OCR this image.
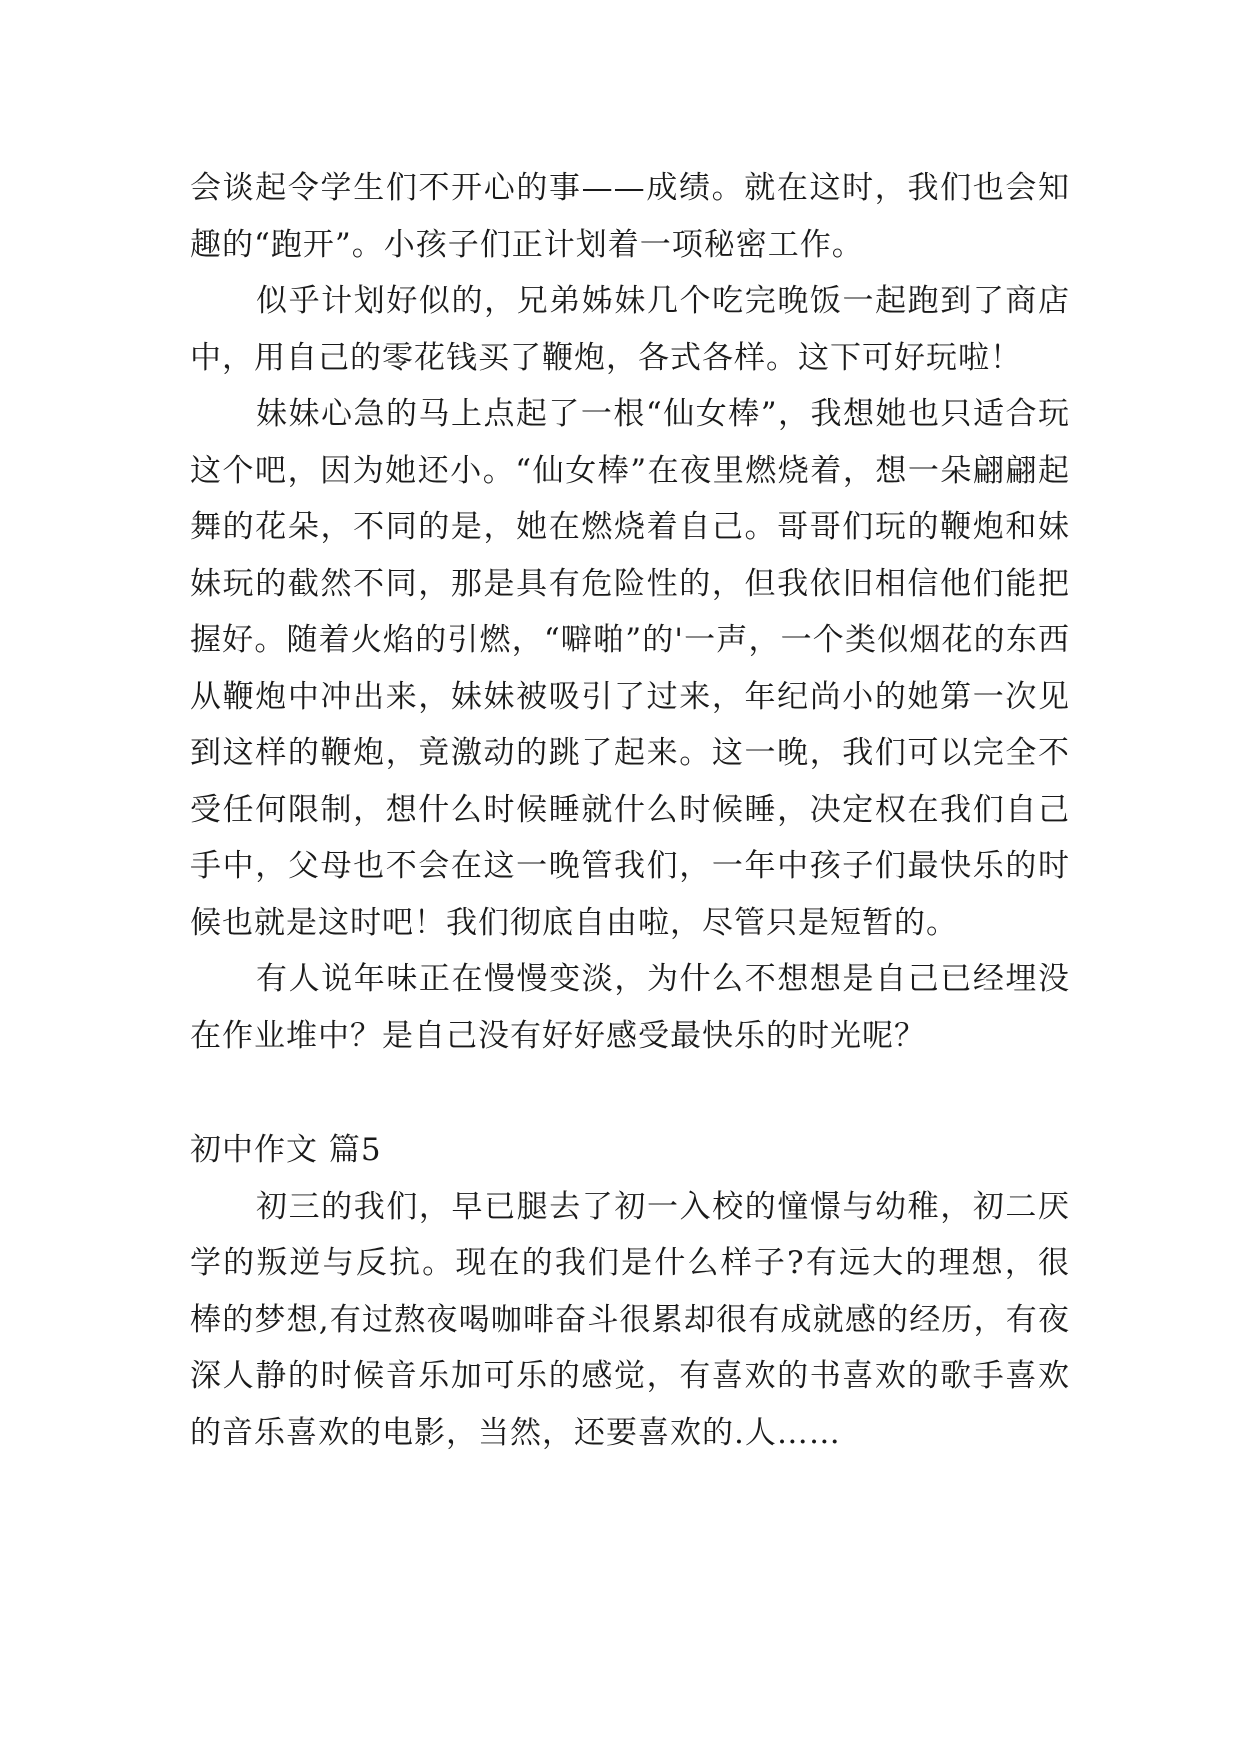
会谈起令学生们不开心的事——成绩。就在这时，我们也会知趣的“跑开”。小孩子们正计划着一项秘密工作。

似乎计划好似的，兄弟姊妹几个吃完晚饭一起跑到了商店中，用自己的零花钱买了鞭炮，各式各样。这下可好玩啦！

妹妹心急的马上点起了一根“仙女棒”，我想她也只适合玩这个吧，因为她还小。“仙女棒”在夜里燃烧着，想一朵翩翩起舞的花朵，不同的是，她在燃烧着自己。哥哥们玩的鞭炮和妹妹玩的截然不同，那是具有危险性的，但我依旧相信他们能把握好。随着火焰的引燃，“噼啪”的'一声，一个类似烟花的东西从鞭炮中冲出来，妹妹被吸引了过来，年纪尚小的她第一次见到这样的鞭炮，竟激动的跳了起来。这一晚，我们可以完全不受任何限制，想什么时候睡就什么时候睡，决定权在我们自己手中，父母也不会在这一晚管我们，一年中孩子们最快乐的时候也就是这时吧！我们彻底自由啦，尽管只是短暂的。

有人说年味正在慢慢变淡，为什么不想想是自己已经埋没在作业堆中？是自己没有好好感受最快乐的时光呢？

初中作文 篇5

初三的我们，早已腿去了初一入校的憧憬与幼稚，初二厌学的叛逆与反抗。现在的我们是什么样子?有远大的理想，很棒的梦想,有过熬夜喝咖啡奋斗很累却很有成就感的经历，有夜深人静的时候音乐加可乐的感觉，有喜欢的书喜欢的歌手喜欢的音乐喜欢的电影，当然，还要喜欢的.人……
